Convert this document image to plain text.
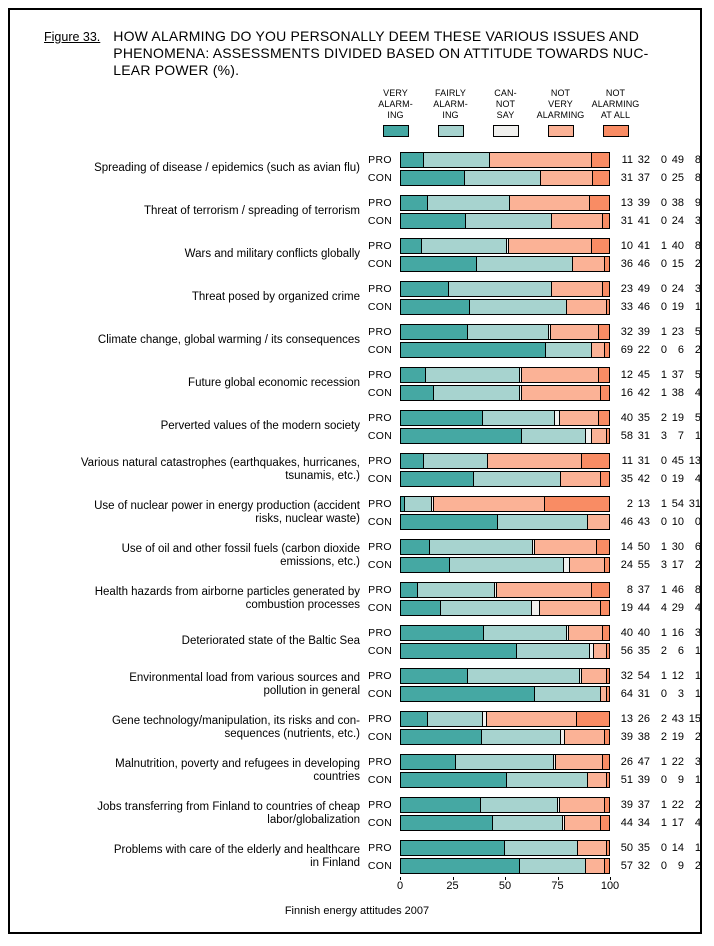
Figure 33. HOW ALARMING DO YOU PERSONALLY DEEM THESE VARIOUS ISSUES AND
PHENOMENA: ASSESSMENTS DIVIDED BASED ON ATTITUDE TOWARDS NUC-
LEAR POWER (%).
VERY
ALARM-
ING
FAIRLY
ALARM-
ING
CAN-
NOT
SAY
NOT
VERY
ALARMING
NOT
ALARMING
AT ALL
Spreading of disease / epidemics (such as avian flu)
PRO	11 32 0 49 8
CON	31 37 0 25 8
Threat of terrorism / spreading of terrorism
PRO	13 39 0 38 9
CON	31 41 0 24 3
Wars and military conflicts globally
PRO	10 41 1 40 8
CON	36 46 0 15 2
Threat posed by organized crime
PRO	23 49 0 24 3
CON	33 46 0 19 1
Climate change, global warming / its consequences
PRO	32 39 1 23 5
CON	69 22 0 6 2
Future global economic recession
PRO	12 45 1 37 5
CON	16 42 1 38 4
Perverted values of the modern society
PRO	40 35 2 19 5
CON	58 31 3 7 1
Various natural catastrophes (earthquakes, hurricanes,
tsunamis, etc.)
PRO	11 31 0 45 13
CON	35 42 0 19 4
Use of nuclear power in energy production (accident
risks, nuclear waste)
PRO	2 13 1 54 31
CON	46 43 0 10 0
Use of oil and other fossil fuels (carbon dioxide
emissions, etc.)
PRO	14 50 1 30 6
CON	24 55 3 17 2
Health hazards from airborne particles generated by
combustion processes
PRO	8 37 1 46 8
CON	19 44 4 29 4
Deteriorated state of the Baltic Sea
PRO	40 40 1 16 3
CON	56 35 2 6 1
Environmental load from various sources and
pollution in general
PRO	32 54 1 12 1
CON	64 31 0 3 1
Gene technology/manipulation, its risks and con-
sequences (nutrients, etc.)
PRO	13 26 2 43 15
CON	39 38 2 19 2
Malnutrition, poverty and refugees in developing
countries
PRO	26 47 1 22 3
CON	51 39 0 9 1
Jobs transferring from Finland to countries of cheap
labor/globalization
PRO	39 37 1 22 2
CON	44 34 1 17 4
Problems with care of the elderly and healthcare
in Finland
PRO	50 35 0 14 1
CON	57 32 0 9 2
0	25	50	75	100
Finnish energy attitudes 2007
